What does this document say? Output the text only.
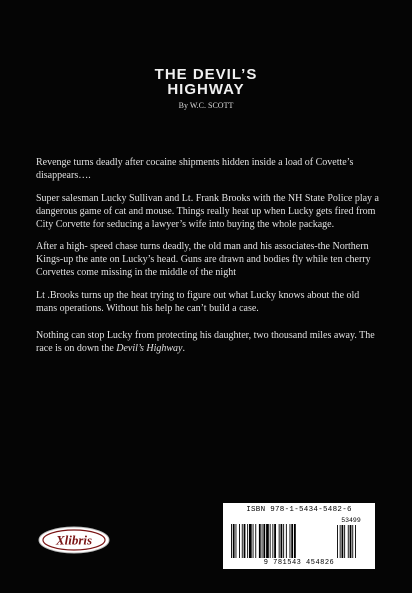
THE DEVIL’S
HIGHWAY
By W.C. SCOTT
Revenge turns deadly after cocaine shipments hidden inside a load of Covette’s disappears….
Super salesman Lucky Sullivan and Lt. Frank Brooks with the NH State Police play a dangerous game of cat and mouse. Things really heat up when Lucky gets fired from City Corvette for seducing a lawyer’s wife into buying the whole package.
After a high- speed chase turns deadly, the old man and his associates-the Northern Kings-up the ante on Lucky’s head. Guns are drawn and bodies fly while ten cherry Corvettes come missing in the middle of the night
Lt .Brooks turns up the heat trying to figure out what Lucky knows about the old mans operations. Without his help he can’t build a case.
Nothing can stop Lucky from protecting his daughter, two thousand miles away. The race is on down the Devil’s Highway.
Xlibris
ISBN 978-1-5434-5482-6
53499
9 781543 454826
